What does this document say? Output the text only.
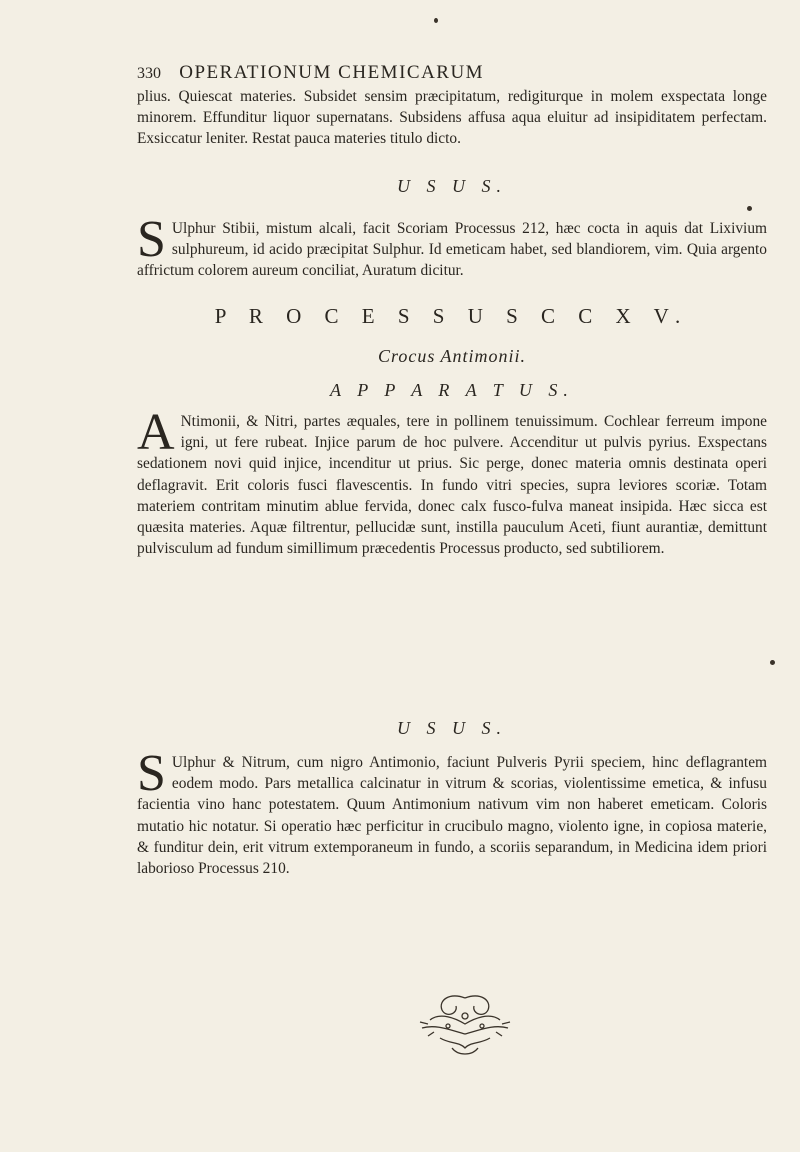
330 OPERATIONUM CHEMICARUM

plius. Quiescat materies. Subsidet sensim præcipitatum, redigiturque in molem exspectata longe minorem. Effunditur liquor supernatans. Subsidens affusa aqua eluitur ad insipiditatem perfectam. Exsiccatur leniter. Restat pauca materies titulo dicto.

U S U S.
S Ulphur Stibii, mistum alcali, facit Scoriam Processus 212, hæc cocta in aquis dat Lixivium sulphureum, id acido præcipitat Sulphur. Id emeticam habet, sed blandiorem, vim. Quia argento affrictum colorem aureum conciliat, Auratum dicitur.

P R O C E S S U S C C X V.
Crocus Antimonii.
A P P A R A T U S.
A Ntimonii, & Nitri, partes æquales, tere in pollinem tenuissimum. Cochlear ferreum impone igni, ut fere rubeat. Injice parum de hoc pulvere. Accenditur ut pulvis pyrius. Exspectans sedationem novi quid injice, incenditur ut prius. Sic perge, donec materia omnis destinata operi deflagravit. Erit coloris fusci flavescentis. In fundo vitri species, supra leviores scoriæ. Totam materiem contritam minutim ablue fervida, donec calx fusco-fulva maneat insipida. Hæc sicca est quæsita materies. Aquæ filtrentur, pellucidæ sunt, instilla pauculum Aceti, fiunt aurantiæ, demittunt pulvisculum ad fundum simillimum præcedentis Processus producto, sed subtiliorem.

U S U S.
S Ulphur & Nitrum, cum nigro Antimonio, faciunt Pulveris Pyrii speciem, hinc deflagrantem eodem modo. Pars metallica calcinatur in vitrum & scorias, violentissime emetica, & infusu facientia vino hanc potestatem. Quum Antimonium nativum vim non haberet emeticam. Coloris mutatio hic notatur. Si operatio hæc perficitur in crucibulo magno, violento igne, in copiosa materie, & funditur dein, erit vitrum extemporaneum in fundo, a scoriis separandum, in Medicina idem priori laborioso Processus 210.
